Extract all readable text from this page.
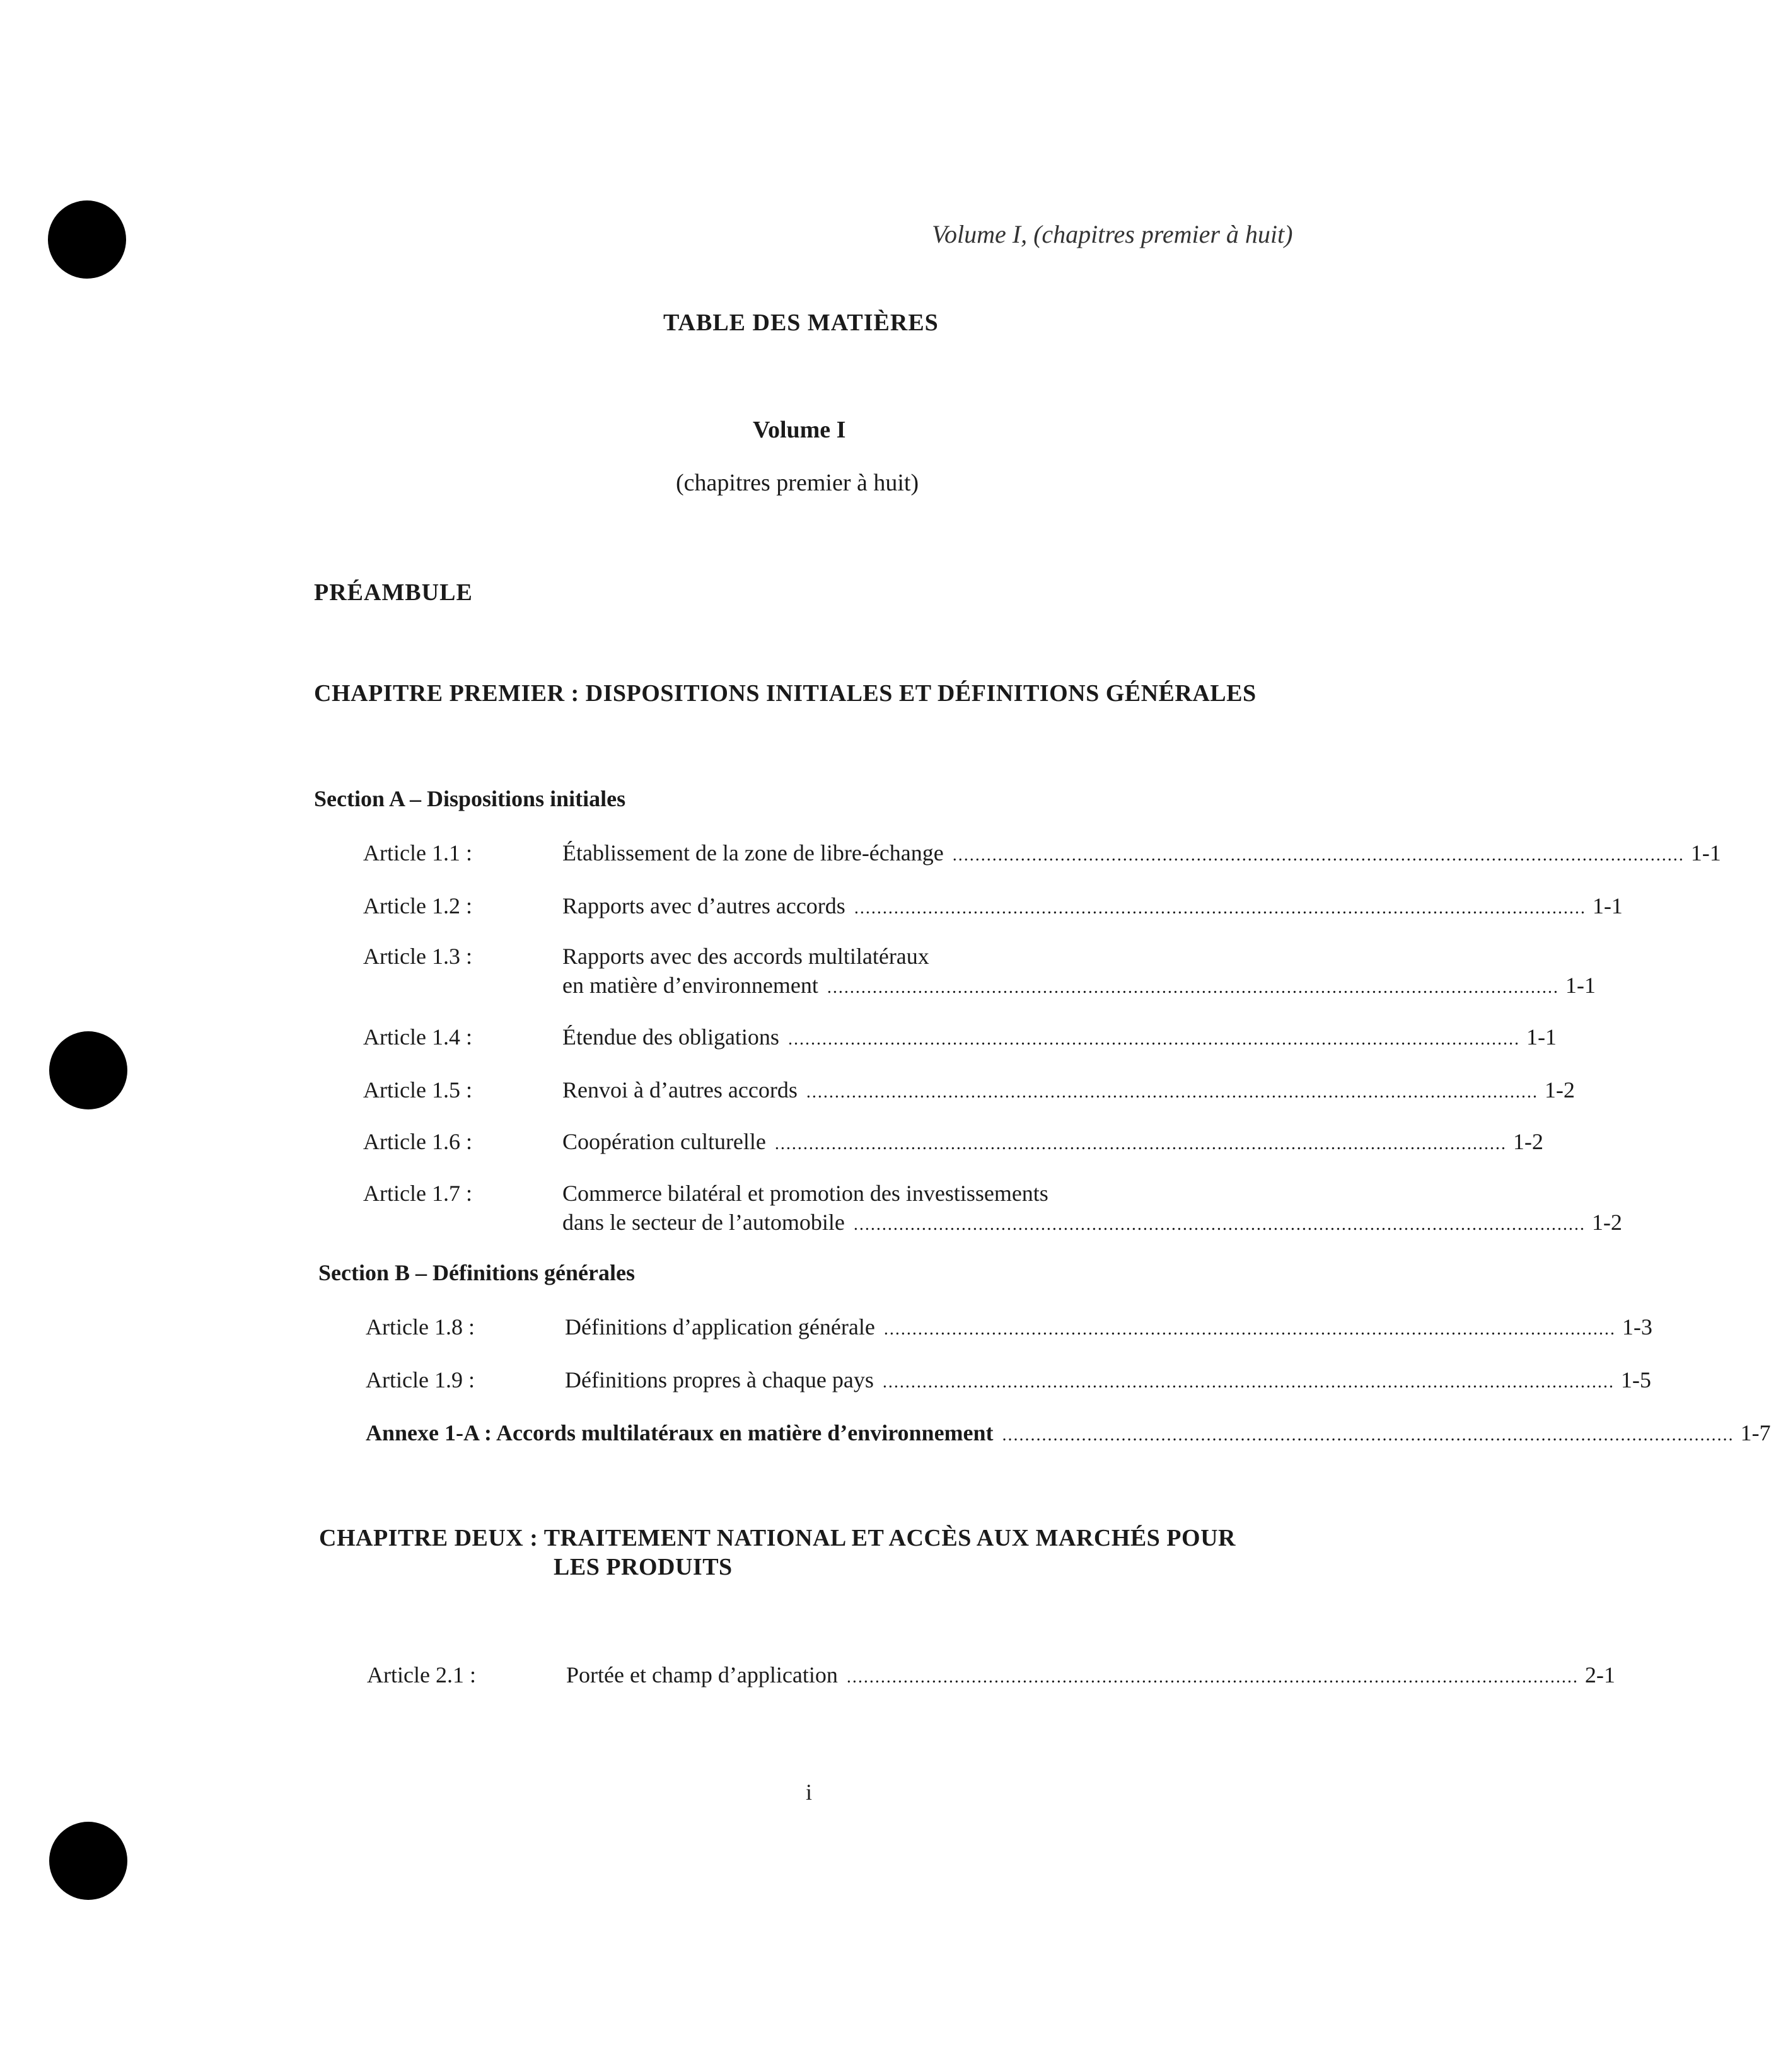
Volume I, (chapitres premier à huit)
TABLE DES MATIÈRES
Volume I
(chapitres premier à huit)
PRÉAMBULE
CHAPITRE PREMIER : DISPOSITIONS INITIALES ET DÉFINITIONS GÉNÉRALES
Section A – Dispositions initiales
Article 1.1 :	Établissement de la zone de libre-échange ................................................................................................................................. 1-1
Article 1.2 :	Rapports avec d’autres accords ................................................................................................................................. 1-1
Article 1.3 :	Rapports avec des accords multilatéraux
en matière d’environnement ................................................................................................................................. 1-1
Article 1.4 :	Étendue des obligations ................................................................................................................................. 1-1
Article 1.5 :	Renvoi à d’autres accords ................................................................................................................................. 1-2
Article 1.6 :	Coopération culturelle ................................................................................................................................. 1-2
Article 1.7 :	Commerce bilatéral et promotion des investissements
dans le secteur de l’automobile ................................................................................................................................. 1-2
Section B – Définitions générales
Article 1.8 :	Définitions d’application générale ................................................................................................................................. 1-3
Article 1.9 :	Définitions propres à chaque pays ................................................................................................................................. 1-5
Annexe 1-A : Accords multilatéraux en matière d’environnement ................................................................................................................................. 1-7
CHAPITRE DEUX : TRAITEMENT NATIONAL ET ACCÈS AUX MARCHÉS POUR
LES PRODUITS
Article 2.1 :	Portée et champ d’application ................................................................................................................................. 2-1
i
